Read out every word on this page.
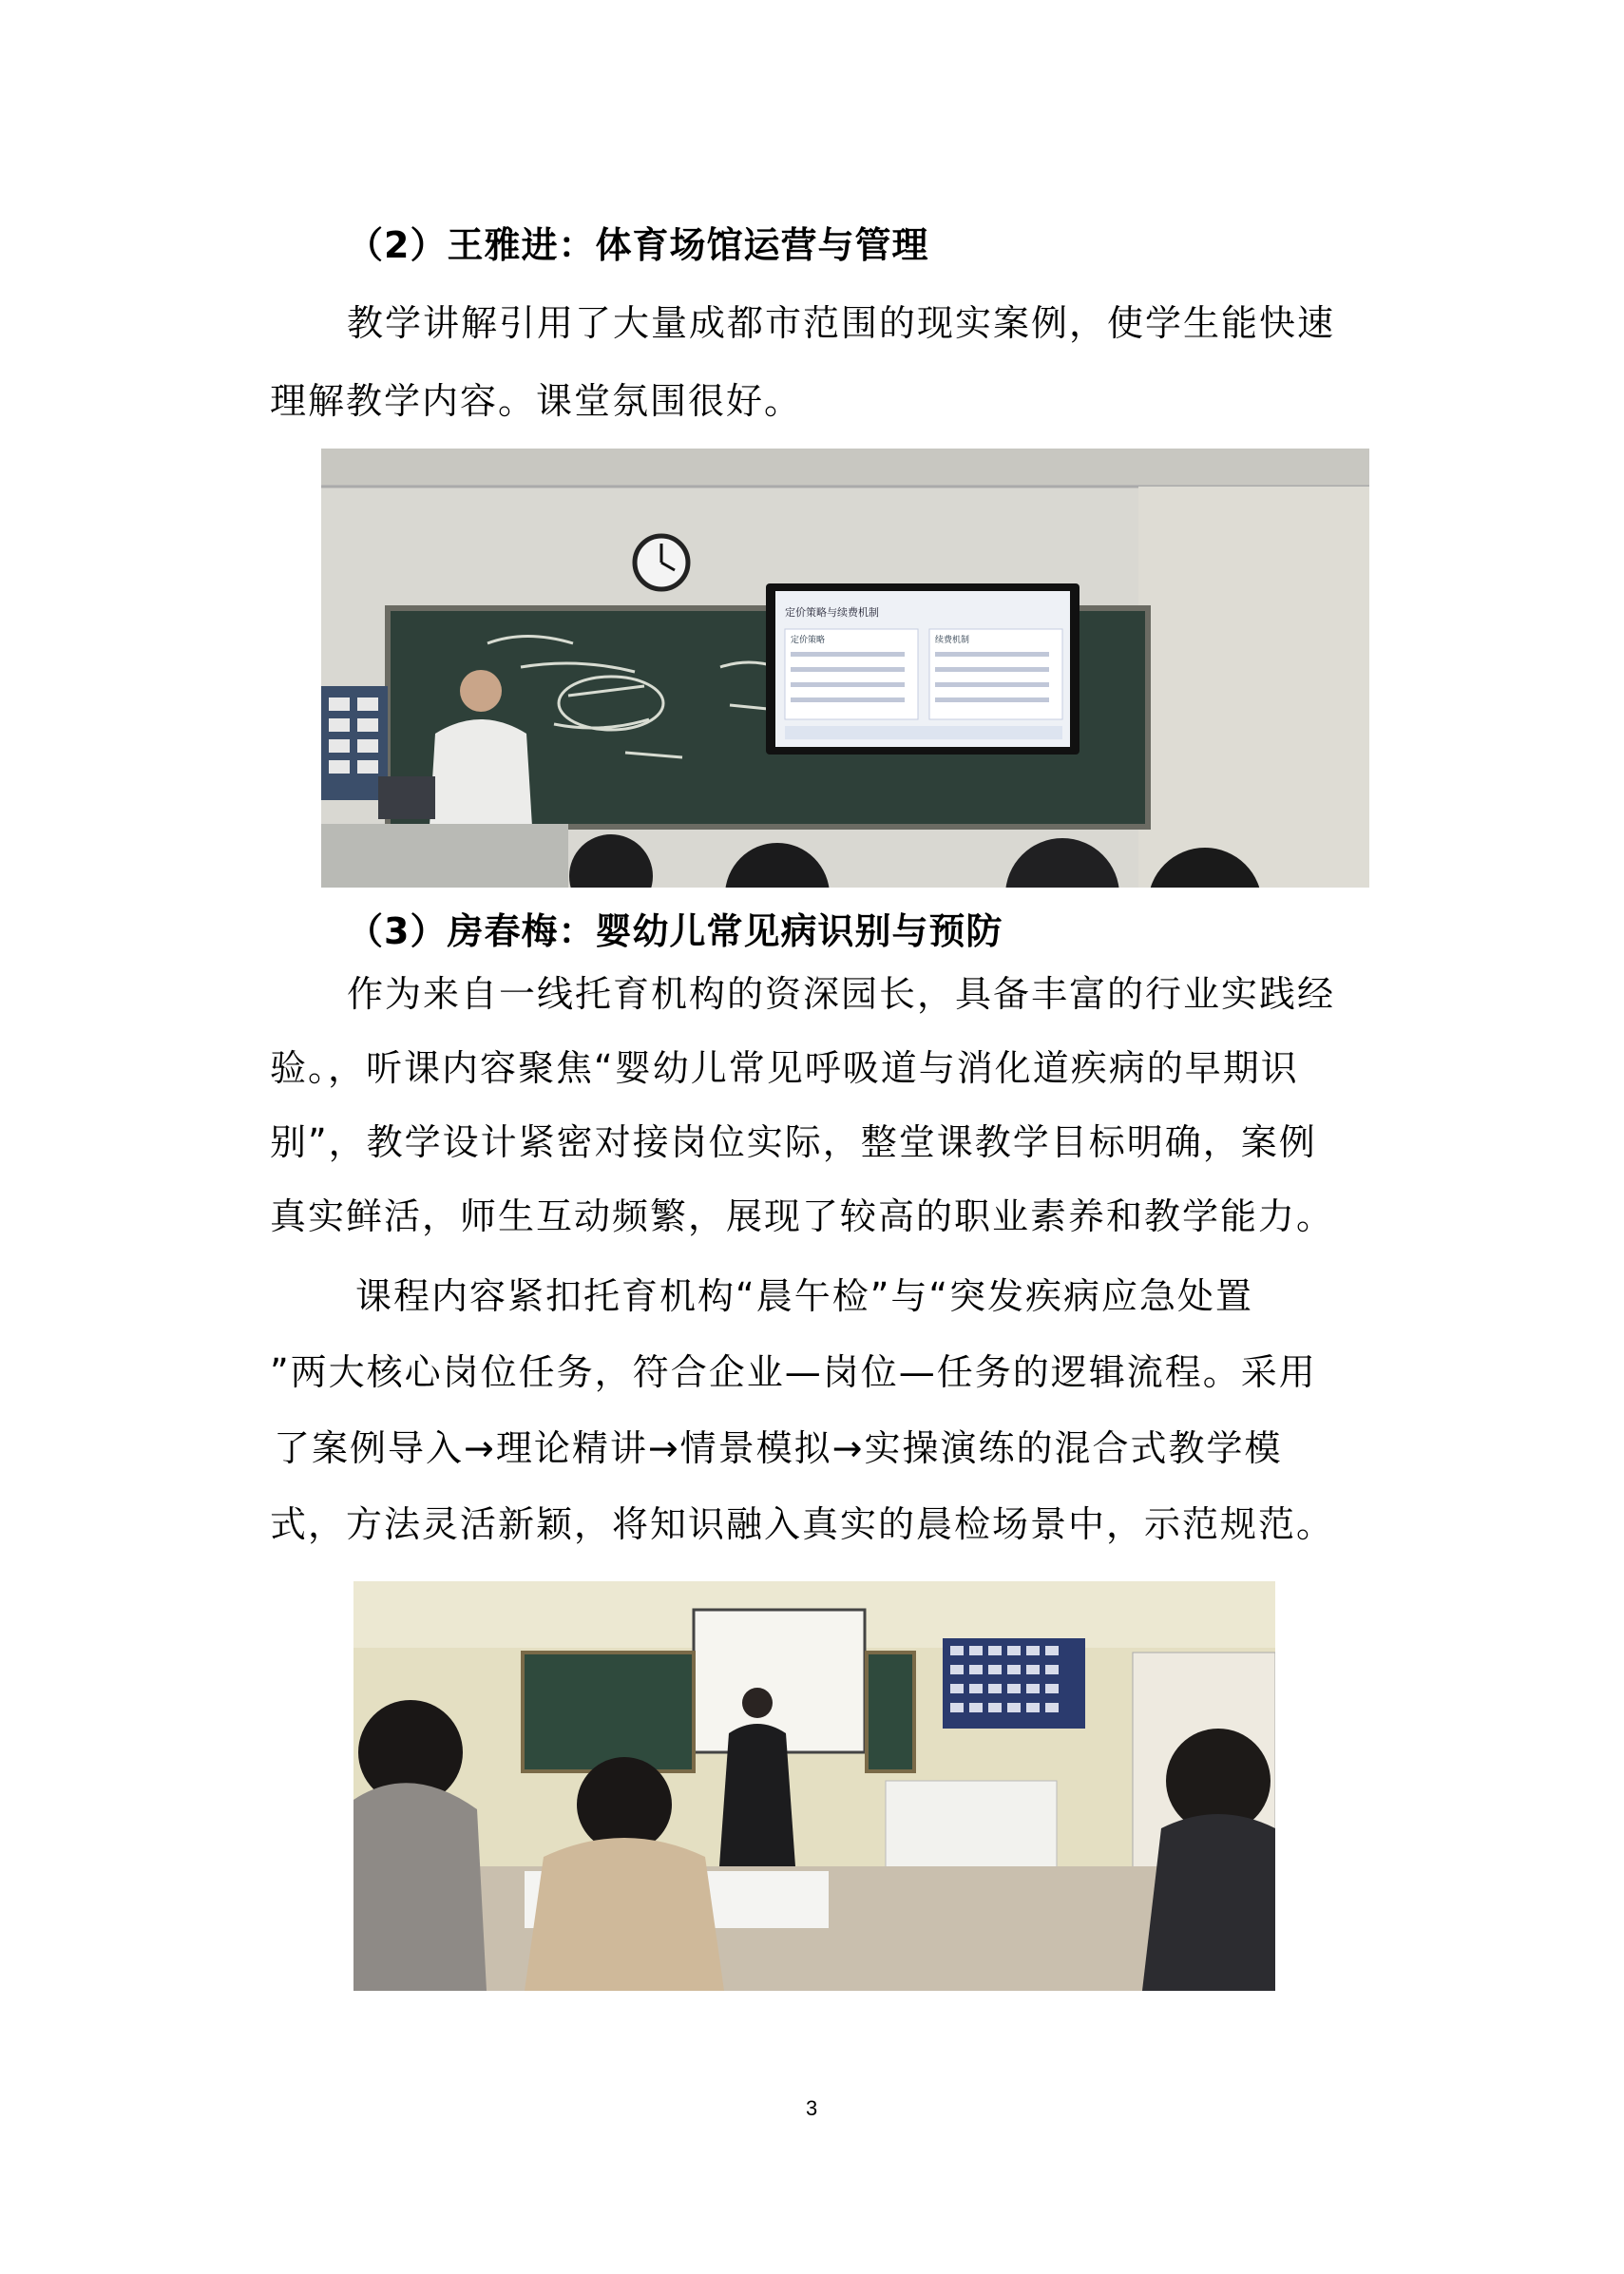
（2）王雅进：体育场馆运营与管理
教学讲解引用了大量成都市范围的现实案例，使学生能快速
理解教学内容。课堂氛围很好。
定价策略与续费机制
定价策略	续费机制
（3）房春梅：婴幼儿常见病识别与预防
作为来自一线托育机构的资深园长，具备丰富的行业实践经
验。，听课内容聚焦“婴幼儿常见呼吸道与消化道疾病的早期识
别”，教学设计紧密对接岗位实际，整堂课教学目标明确，案例
真实鲜活，师生互动频繁，展现了较高的职业素养和教学能力。
课程内容紧扣托育机构“晨午检”与“突发疾病应急处置
”两大核心岗位任务，符合企业—岗位—任务的逻辑流程。采用
了案例导入→理论精讲→情景模拟→实操演练的混合式教学模
式，方法灵活新颖，将知识融入真实的晨检场景中，示范规范。
3
